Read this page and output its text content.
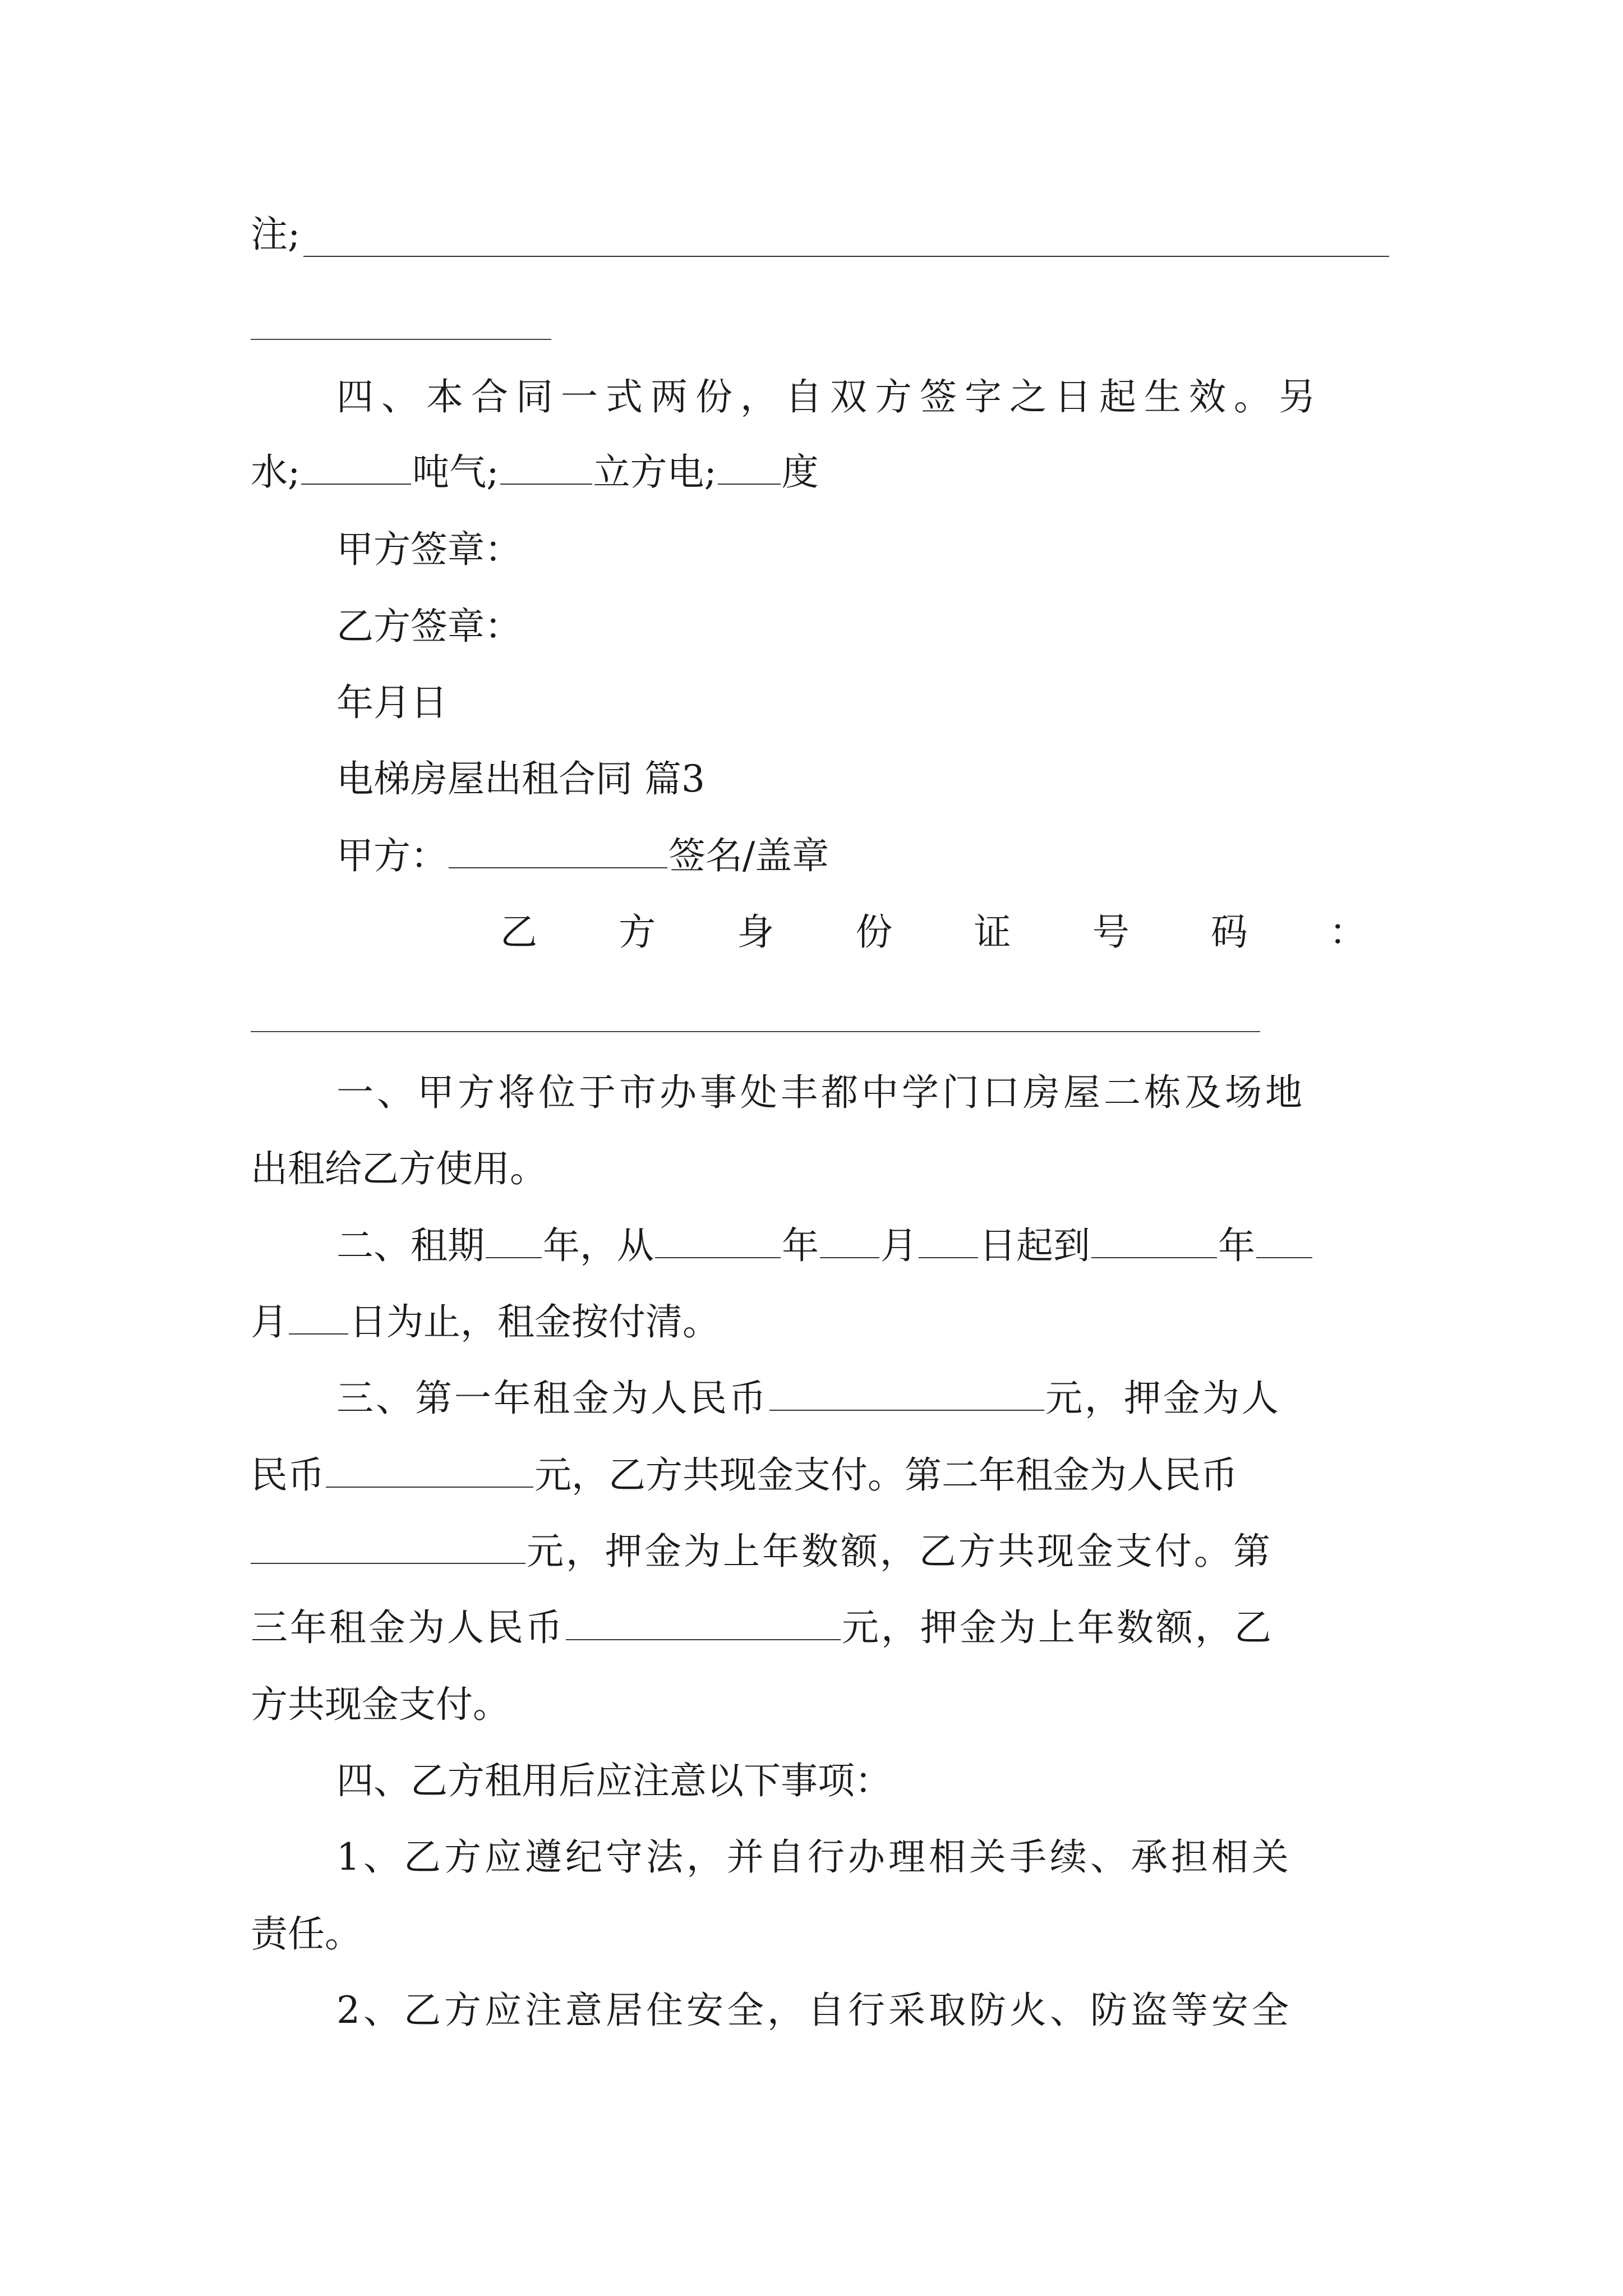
注;
四、本合同一式两份，自双方签字之日起生效。另
水;	吨气;	立方电; 度
甲方签章：
乙方签章：
年月日
电梯房屋出租合同 篇3
甲方：	签名/盖章
乙 方 身 份 证 号 码 ：
一、甲方将位于市办事处丰都中学门口房屋二栋及场地
出租给乙方使用。
二、租期 年，从	年 月 日起到	年
月 日为止，租金按付清。
三、第一年租金为人民币	元，押金为人
民币	元，乙方共现金支付。第二年租金为人民币
元，押金为上年数额，乙方共现金支付。第
三年租金为人民币	元，押金为上年数额，乙
方共现金支付。
四、乙方租用后应注意以下事项：
1、乙方应遵纪守法，并自行办理相关手续、承担相关
责任。
2、乙方应注意居住安全，自行采取防火、防盗等安全
